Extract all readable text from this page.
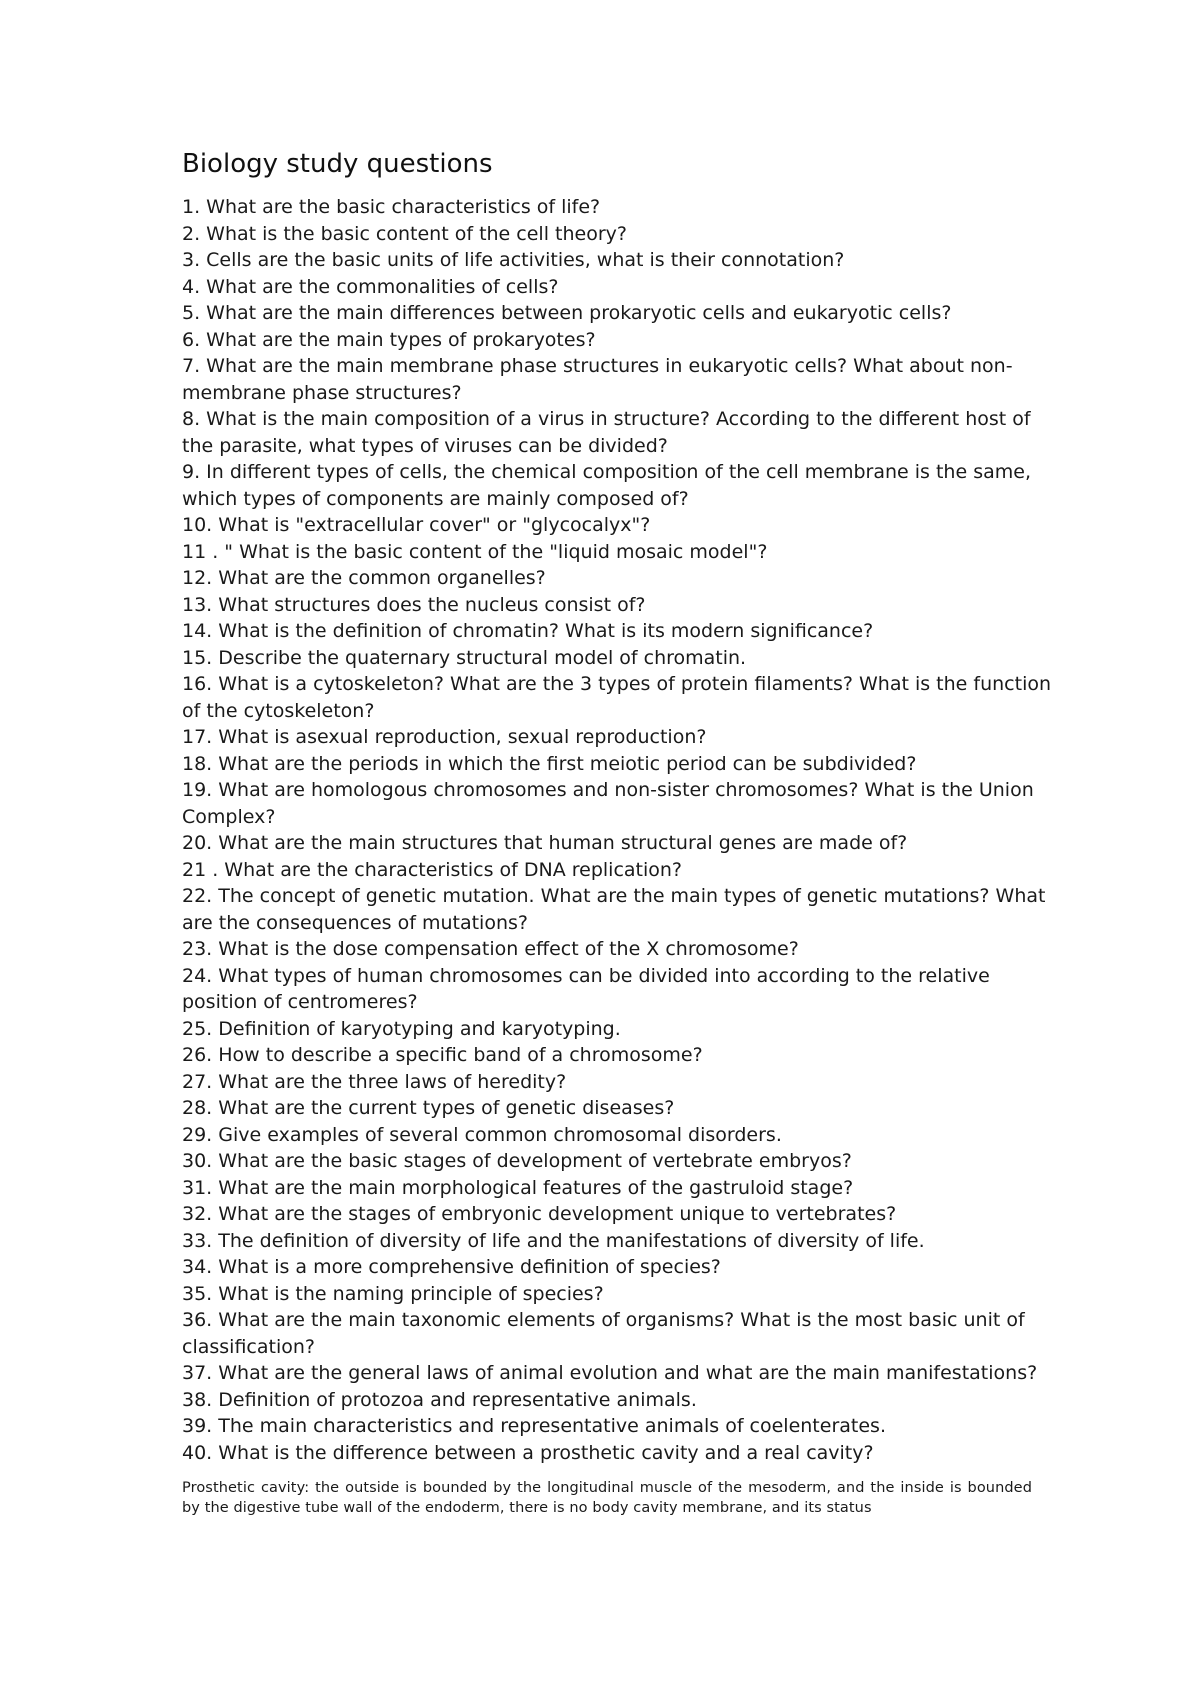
Biology study questions
1. What are the basic characteristics of life?
2. What is the basic content of the cell theory?
3. Cells are the basic units of life activities, what is their connotation?
4. What are the commonalities of cells?
5. What are the main differences between prokaryotic cells and eukaryotic cells?
6. What are the main types of prokaryotes?
7. What are the main membrane phase structures in eukaryotic cells? What about non-membrane phase structures?
8. What is the main composition of a virus in structure? According to the different host of the parasite, what types of viruses can be divided?
9. In different types of cells, the chemical composition of the cell membrane is the same, which types of components are mainly composed of?
10. What is "extracellular cover" or "glycocalyx"?
11 . " What is the basic content of the "liquid mosaic model"?
12. What are the common organelles?
13. What structures does the nucleus consist of?
14. What is the definition of chromatin? What is its modern significance?
15. Describe the quaternary structural model of chromatin.
16. What is a cytoskeleton? What are the 3 types of protein filaments? What is the function of the cytoskeleton?
17. What is asexual reproduction, sexual reproduction?
18. What are the periods in which the first meiotic period can be subdivided?
19. What are homologous chromosomes and non-sister chromosomes? What is the Union Complex?
20. What are the main structures that human structural genes are made of?
21 . What are the characteristics of DNA replication?
22. The concept of genetic mutation. What are the main types of genetic mutations? What are the consequences of mutations?
23. What is the dose compensation effect of the X chromosome?
24. What types of human chromosomes can be divided into according to the relative position of centromeres?
25. Definition of karyotyping and karyotyping.
26. How to describe a specific band of a chromosome?
27. What are the three laws of heredity?
28. What are the current types of genetic diseases?
29. Give examples of several common chromosomal disorders.
30. What are the basic stages of development of vertebrate embryos?
31. What are the main morphological features of the gastruloid stage?
32. What are the stages of embryonic development unique to vertebrates?
33. The definition of diversity of life and the manifestations of diversity of life.
34. What is a more comprehensive definition of species?
35. What is the naming principle of species?
36. What are the main taxonomic elements of organisms? What is the most basic unit of classification?
37. What are the general laws of animal evolution and what are the main manifestations?
38. Definition of protozoa and representative animals.
39. The main characteristics and representative animals of coelenterates.
40. What is the difference between a prosthetic cavity and a real cavity?

Prosthetic cavity: the outside is bounded by the longitudinal muscle of the mesoderm, and the inside is bounded by the digestive tube wall of the endoderm, there is no body cavity membrane, and its status
